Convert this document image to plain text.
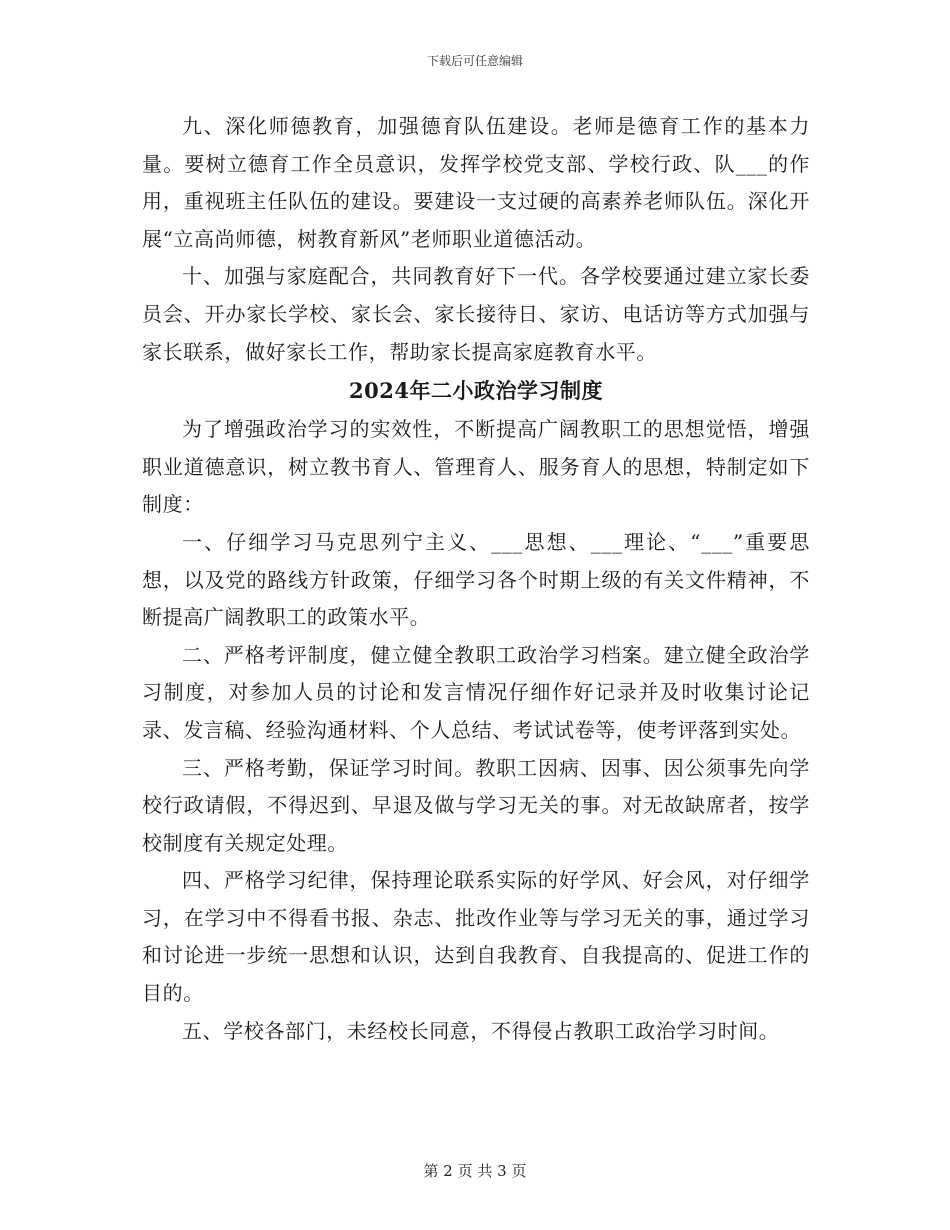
下载后可任意编辑

九、深化师德教育，加强德育队伍建设。老师是德育工作的基本力量。要树立德育工作全员意识，发挥学校党支部、学校行政、队___的作用，重视班主任队伍的建设。要建设一支过硬的高素养老师队伍。深化开展“立高尚师德，树教育新风”老师职业道德活动。

十、加强与家庭配合，共同教育好下一代。各学校要通过建立家长委员会、开办家长学校、家长会、家长接待日、家访、电话访等方式加强与家长联系，做好家长工作，帮助家长提高家庭教育水平。

2024年二小政治学习制度

为了增强政治学习的实效性，不断提高广阔教职工的思想觉悟，增强职业道德意识，树立教书育人、管理育人、服务育人的思想，特制定如下制度：

一、仔细学习马克思列宁主义、___思想、___理论、“___”重要思想，以及党的路线方针政策，仔细学习各个时期上级的有关文件精神，不断提高广阔教职工的政策水平。

二、严格考评制度，健立健全教职工政治学习档案。建立健全政治学习制度，对参加人员的讨论和发言情况仔细作好记录并及时收集讨论记录、发言稿、经验沟通材料、个人总结、考试试卷等，使考评落到实处。

三、严格考勤，保证学习时间。教职工因病、因事、因公须事先向学校行政请假，不得迟到、早退及做与学习无关的事。对无故缺席者，按学校制度有关规定处理。

四、严格学习纪律，保持理论联系实际的好学风、好会风，对仔细学习，在学习中不得看书报、杂志、批改作业等与学习无关的事，通过学习和讨论进一步统一思想和认识，达到自我教育、自我提高的、促进工作的目的。

五、学校各部门，未经校长同意，不得侵占教职工政治学习时间。

第 2 页 共 3 页
